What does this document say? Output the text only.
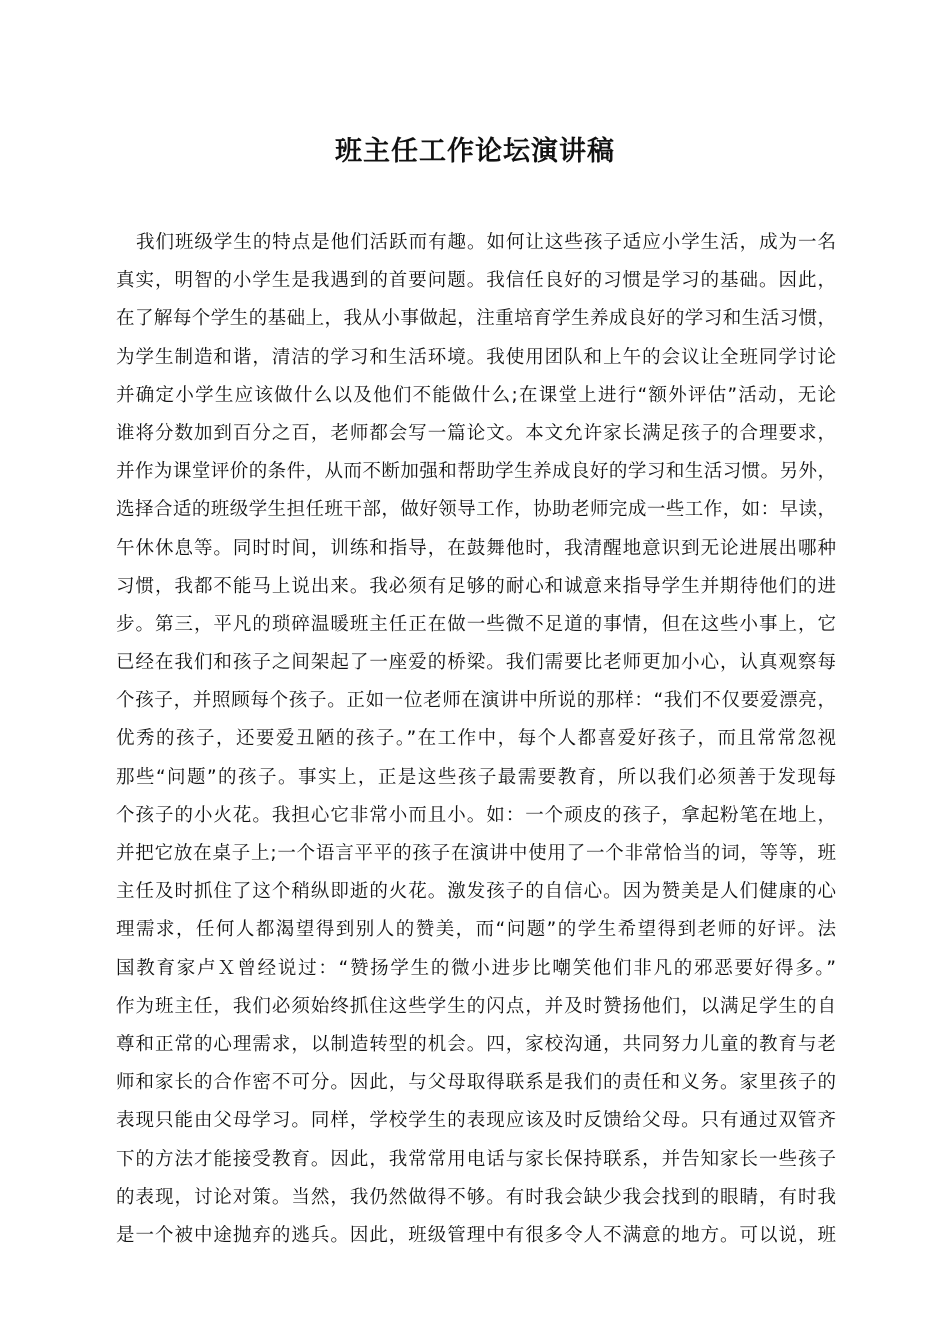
班主任工作论坛演讲稿
我们班级学生的特点是他们活跃而有趣。如何让这些孩子适应小学生活，成为一名
真实，明智的小学生是我遇到的首要问题。我信任良好的习惯是学习的基础。因此，
在了解每个学生的基础上，我从小事做起，注重培育学生养成良好的学习和生活习惯，
为学生制造和谐，清洁的学习和生活环境。我使用团队和上午的会议让全班同学讨论
并确定小学生应该做什么以及他们不能做什么;在课堂上进行“额外评估”活动，无论
谁将分数加到百分之百，老师都会写一篇论文。本文允许家长满足孩子的合理要求，
并作为课堂评价的条件，从而不断加强和帮助学生养成良好的学习和生活习惯。另外，
选择合适的班级学生担任班干部，做好领导工作，协助老师完成一些工作，如：早读，
午休休息等。同时时间，训练和指导，在鼓舞他时，我清醒地意识到无论进展出哪种
习惯，我都不能马上说出来。我必须有足够的耐心和诚意来指导学生并期待他们的进
步。第三，平凡的琐碎温暖班主任正在做一些微不足道的事情，但在这些小事上，它
已经在我们和孩子之间架起了一座爱的桥梁。我们需要比老师更加小心，认真观察每
个孩子，并照顾每个孩子。正如一位老师在演讲中所说的那样：“我们不仅要爱漂亮，
优秀的孩子，还要爱丑陋的孩子。”在工作中，每个人都喜爱好孩子，而且常常忽视
那些“问题”的孩子。事实上，正是这些孩子最需要教育，所以我们必须善于发现每
个孩子的小火花。我担心它非常小而且小。如：一个顽皮的孩子，拿起粉笔在地上，
并把它放在桌子上;一个语言平平的孩子在演讲中使用了一个非常恰当的词，等等，班
主任及时抓住了这个稍纵即逝的火花。激发孩子的自信心。因为赞美是人们健康的心
理需求，任何人都渴望得到别人的赞美，而“问题”的学生希望得到老师的好评。法
国教育家卢Ｘ曾经说过：“赞扬学生的微小进步比嘲笑他们非凡的邪恶要好得多。”
作为班主任，我们必须始终抓住这些学生的闪点，并及时赞扬他们，以满足学生的自
尊和正常的心理需求，以制造转型的机会。四，家校沟通，共同努力儿童的教育与老
师和家长的合作密不可分。因此，与父母取得联系是我们的责任和义务。家里孩子的
表现只能由父母学习。同样，学校学生的表现应该及时反馈给父母。只有通过双管齐
下的方法才能接受教育。因此，我常常用电话与家长保持联系，并告知家长一些孩子
的表现，讨论对策。当然，我仍然做得不够。有时我会缺少我会找到的眼睛，有时我
是一个被中途抛弃的逃兵。因此，班级管理中有很多令人不满意的地方。可以说，班
